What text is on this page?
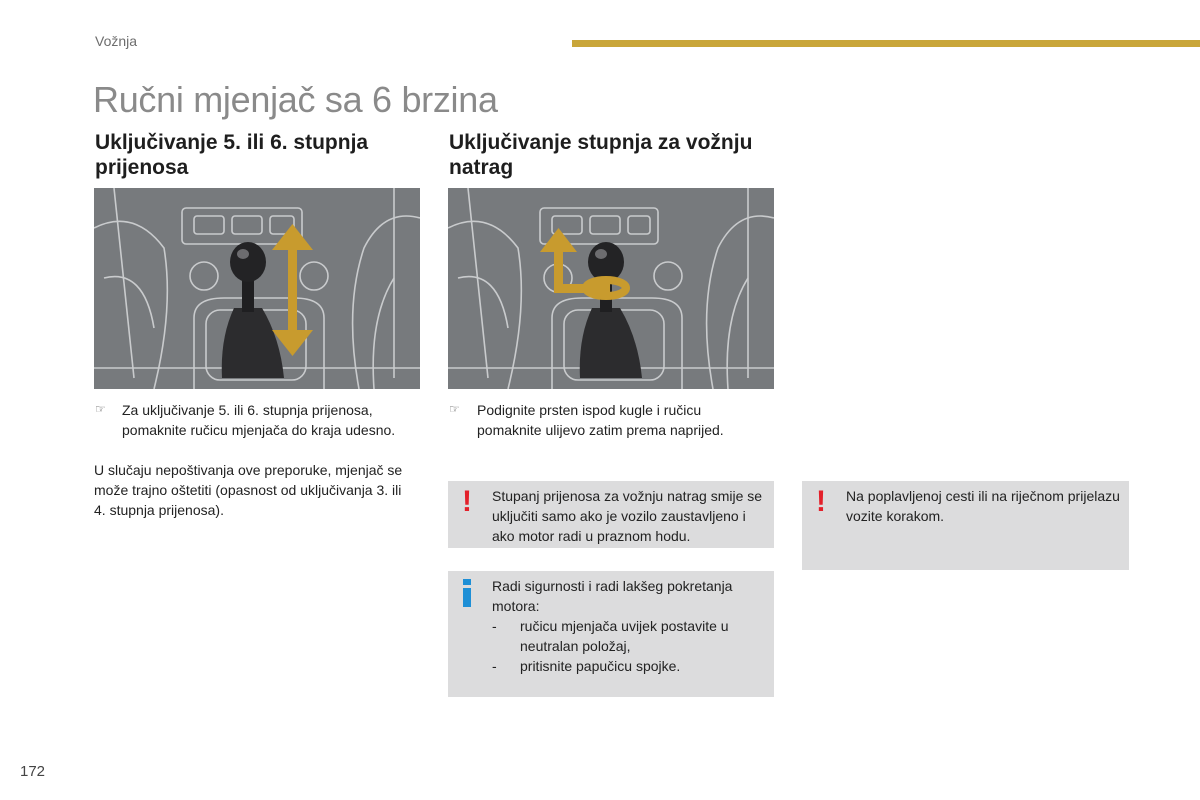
Vožnja
Ručni mjenjač sa 6 brzina
Uključivanje 5. ili 6. stupnja prijenosa
Uključivanje stupnja za vožnju natrag
☞ Za uključivanje 5. ili 6. stupnja prijenosa, pomaknite ručicu mjenjača do kraja udesno.

U slučaju nepoštivanja ove preporuke, mjenjač se može trajno oštetiti (opasnost od uključivanja 3. ili 4. stupnja prijenosa).

☞ Podignite prsten ispod kugle i ručicu pomaknite ulijevo zatim prema naprijed.

! Stupanj prijenosa za vožnju natrag smije se uključiti samo ako je vozilo zaustavljeno i ako motor radi u praznom hodu.

! Na poplavljenoj cesti ili na riječnom prijelazu vozite korakom.

Radi sigurnosti i radi lakšeg pokretanja motora:

- ručicu mjenjača uvijek postavite u neutralan položaj,
- pritisnite papučicu spojke.
172
